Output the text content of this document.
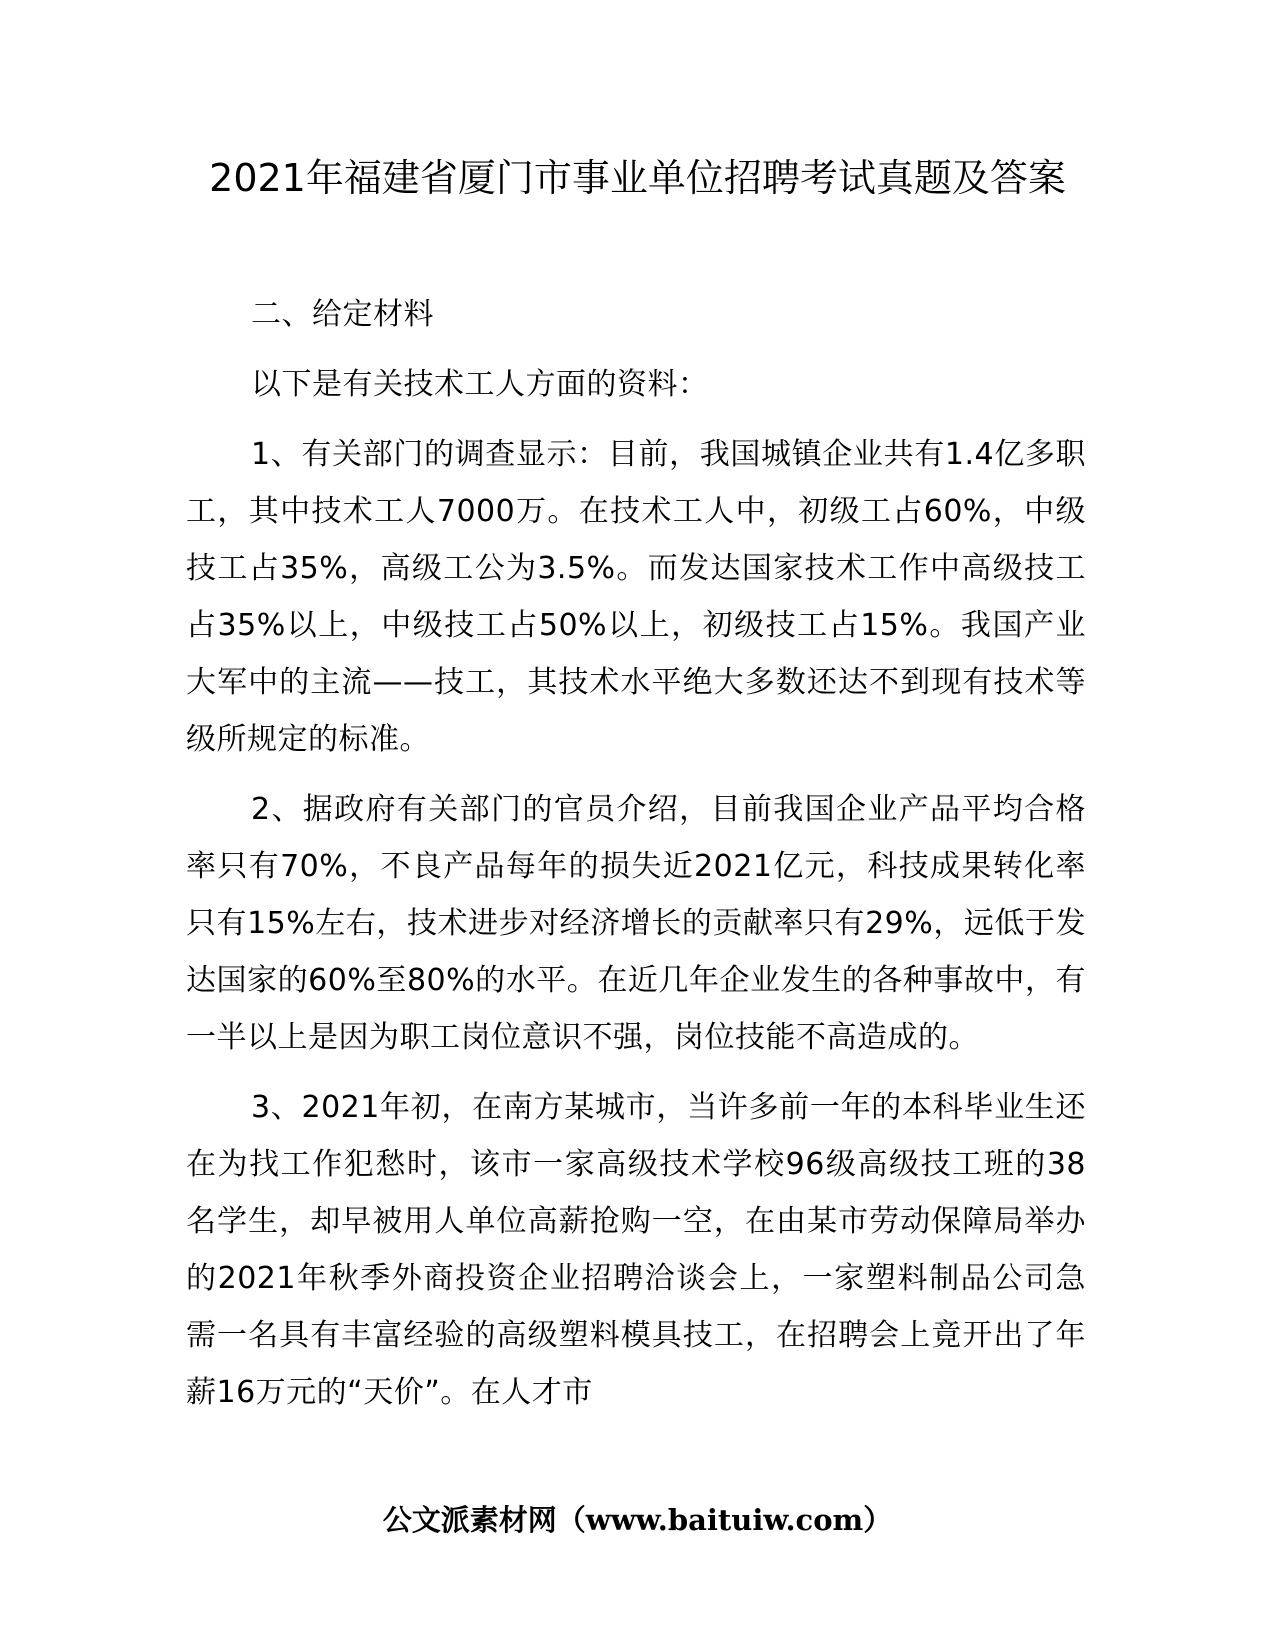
2021年福建省厦门市事业单位招聘考试真题及答案

二、给定材料

以下是有关技术工人方面的资料：

1、有关部门的调查显示：目前，我国城镇企业共有1.4亿多职工，其中技术工人7000万。在技术工人中，初级工占60%，中级技工占35%，高级工公为3.5%。而发达国家技术工作中高级技工占35%以上，中级技工占50%以上，初级技工占15%。我国产业大军中的主流——技工，其技术水平绝大多数还达不到现有技术等级所规定的标准。

2、据政府有关部门的官员介绍，目前我国企业产品平均合格率只有70%，不良产品每年的损失近2021亿元，科技成果转化率只有15%左右，技术进步对经济增长的贡献率只有29%，远低于发达国家的60%至80%的水平。在近几年企业发生的各种事故中，有一半以上是因为职工岗位意识不强，岗位技能不高造成的。

3、2021年初，在南方某城市，当许多前一年的本科毕业生还在为找工作犯愁时，该市一家高级技术学校96级高级技工班的38名学生，却早被用人单位高薪抢购一空，在由某市劳动保障局举办的2021年秋季外商投资企业招聘洽谈会上，一家塑料制品公司急需一名具有丰富经验的高级塑料模具技工，在招聘会上竟开出了年薪16万元的“天价”。在人才市

公文派素材网（www.baituiw.com）
